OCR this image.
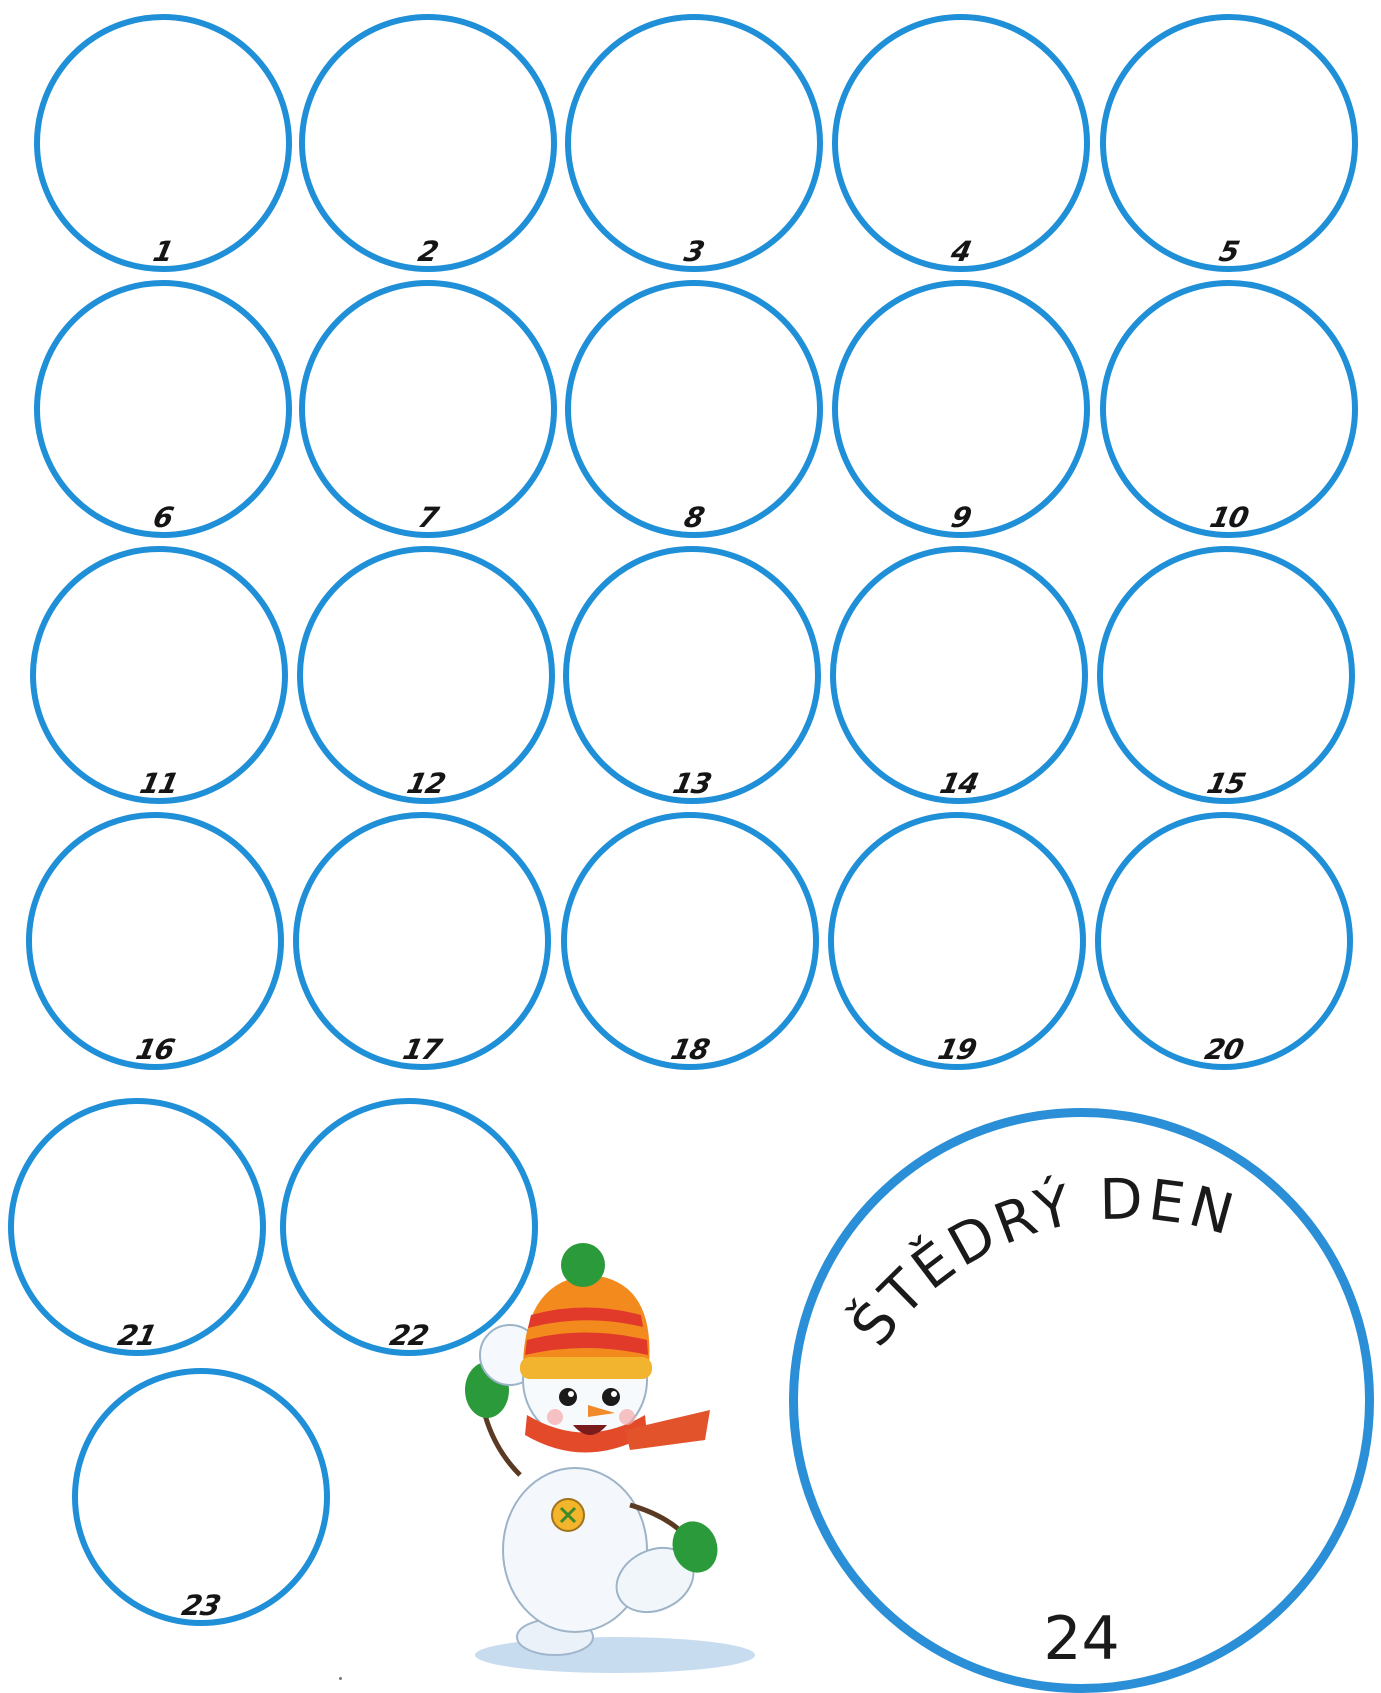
1	2	3	4	5
6	7	8	9	10
11	12	13	14	15
16	17	18	19	20
21	22
23	24
ŠTĚDRÝ DEN
